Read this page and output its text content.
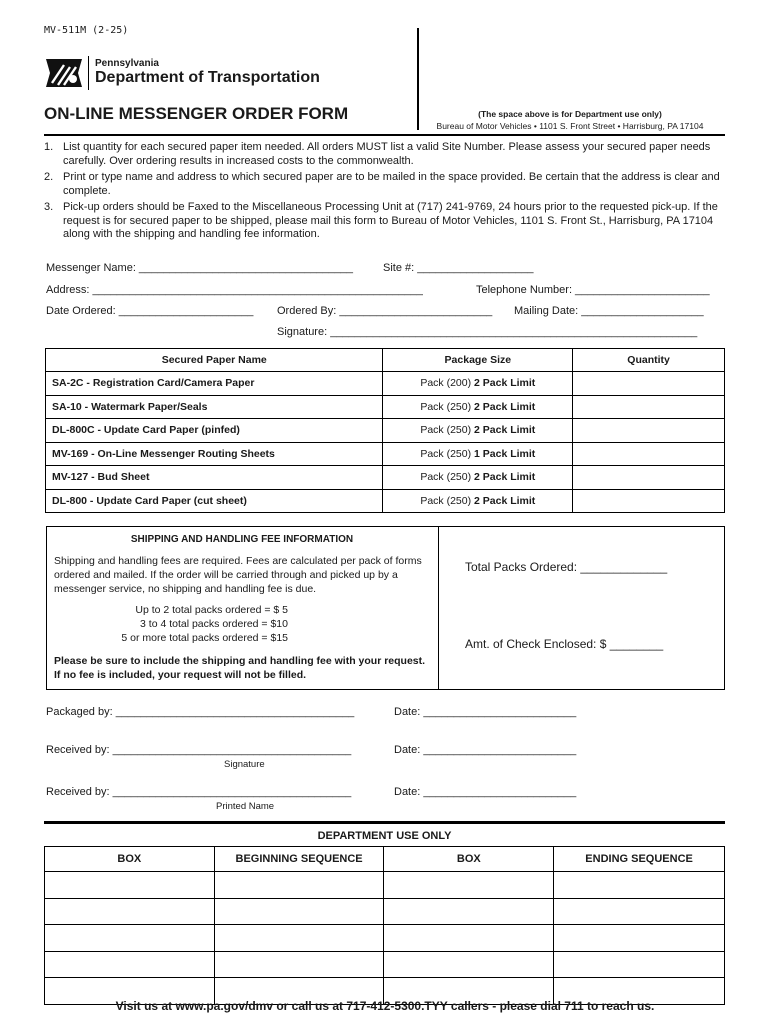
MV-511M (2-25)
Pennsylvania
Department of Transportation
ON-LINE MESSENGER ORDER FORM	(The space above is for Department use only)
Bureau of Motor Vehicles • 1101 S. Front Street • Harrisburg, PA 17104
1. List quantity for each secured paper item needed. All orders MUST list a valid Site Number. Please assess your secured paper needs carefully. Over ordering results in increased costs to the commonwealth.
2. Print or type name and address to which secured paper are to be mailed in the space provided. Be certain that the address is clear and complete.
3. Pick-up orders should be Faxed to the Miscellaneous Processing Unit at (717) 241-9769, 24 hours prior to the requested pick-up. If the request is for secured paper to be shipped, please mail this form to Bureau of Motor Vehicles, 1101 S. Front St., Harrisburg, PA 17104 along with the shipping and handling fee information.
Messenger Name: ___________________________________	Site #: ___________________
Address: ______________________________________________________	Telephone Number: ______________________
Date Ordered: ______________________ Ordered By: _________________________ Mailing Date: ____________________
Signature: ____________________________________________________________
Secured Paper Name	Package Size	Quantity
SA-2C - Registration Card/Camera Paper	Pack (200) 2 Pack Limit	
SA-10 - Watermark Paper/Seals	Pack (250) 2 Pack Limit	
DL-800C - Update Card Paper (pinfed)	Pack (250) 2 Pack Limit	
MV-169 - On-Line Messenger Routing Sheets	Pack (250) 1 Pack Limit	
MV-127 - Bud Sheet	Pack (250) 2 Pack Limit	
DL-800 - Update Card Paper (cut sheet)	Pack (250) 2 Pack Limit	
SHIPPING AND HANDLING FEE INFORMATION
Shipping and handling fees are required. Fees are calculated per pack of forms ordered and mailed. If the order will be carried through and picked up by a messenger service, no shipping and handling fee is due.
Up to 2 total packs ordered = $ 5
3 to 4 total packs ordered = $10
5 or more total packs ordered = $15
Please be sure to include the shipping and handling fee with your request. If no fee is included, your request will not be filled.
Total Packs Ordered: _____________
Amt. of Check Enclosed: $ ________
Packaged by: _______________________________________	Date: _________________________
Received by: _______________________________________	Date: _________________________
Signature
Received by: _______________________________________	Date: _________________________
Printed Name
DEPARTMENT USE ONLY
BOX	BEGINNING SEQUENCE	BOX	ENDING SEQUENCE

Visit us at www.pa.gov/dmv or call us at 717-412-5300.TYY callers - please dial 711 to reach us.
